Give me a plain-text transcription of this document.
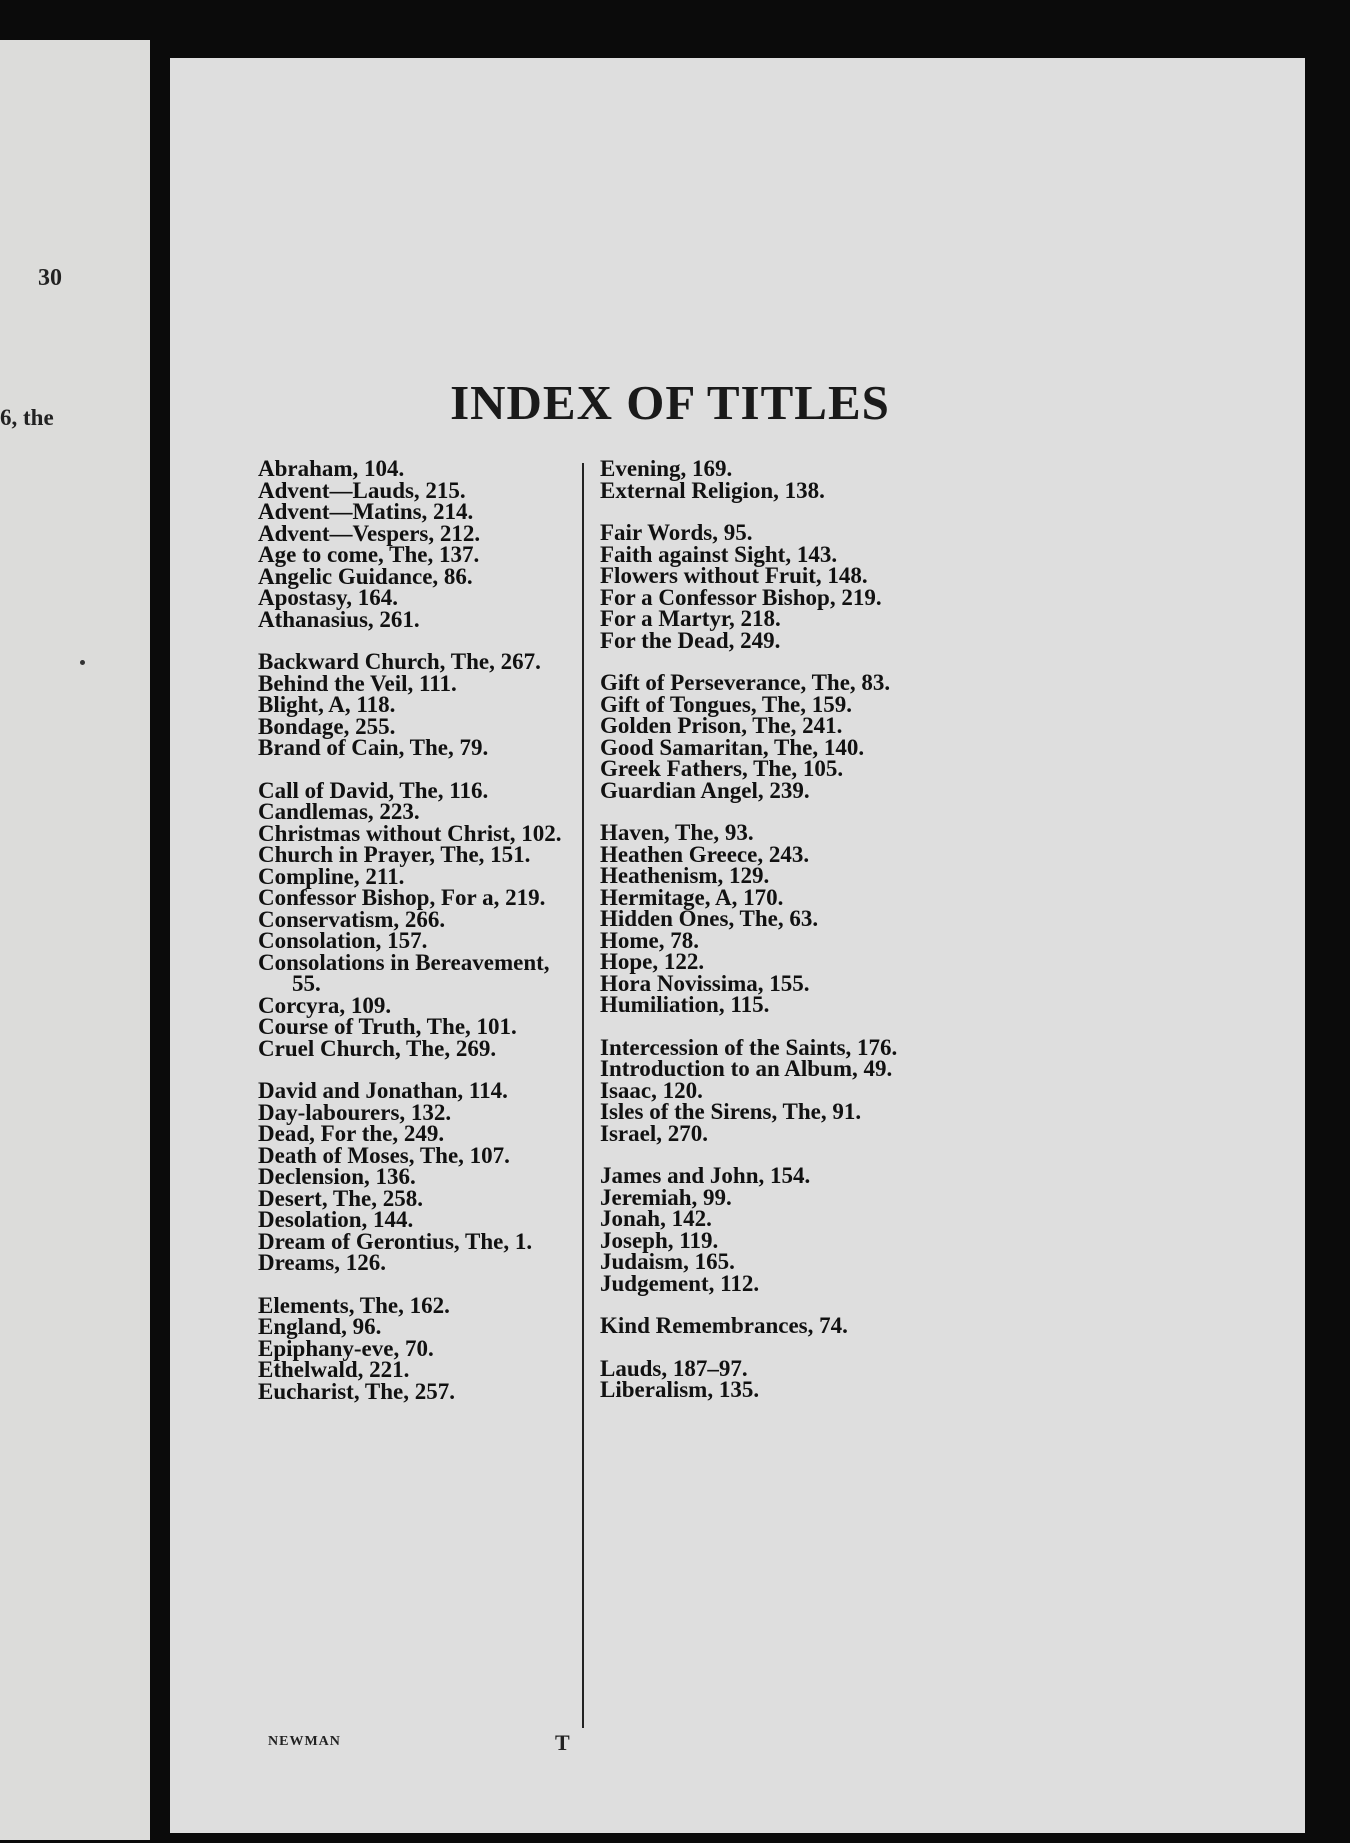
30
6, the	INDEX OF TITLES
Abraham, 104.
Advent—Lauds, 215.
Advent—Matins, 214.
Advent—Vespers, 212.
Age to come, The, 137.
Angelic Guidance, 86.
Apostasy, 164.
Athanasius, 261.
Backward Church, The, 267.
Behind the Veil, 111.
Blight, A, 118.
Bondage, 255.
Brand of Cain, The, 79.
Call of David, The, 116.
Candlemas, 223.
Christmas without Christ, 102.
Church in Prayer, The, 151.
Compline, 211.
Confessor Bishop, For a, 219.
Conservatism, 266.
Consolation, 157.
Consolations in Bereavement,
55.
Corcyra, 109.
Course of Truth, The, 101.
Cruel Church, The, 269.
David and Jonathan, 114.
Day-labourers, 132.
Dead, For the, 249.
Death of Moses, The, 107.
Declension, 136.
Desert, The, 258.
Desolation, 144.
Dream of Gerontius, The, 1.
Dreams, 126.
Elements, The, 162.
England, 96.
Epiphany-eve, 70.
Ethelwald, 221.
Eucharist, The, 257.
Evening, 169.
External Religion, 138.
Fair Words, 95.
Faith against Sight, 143.
Flowers without Fruit, 148.
For a Confessor Bishop, 219.
For a Martyr, 218.
For the Dead, 249.
Gift of Perseverance, The, 83.
Gift of Tongues, The, 159.
Golden Prison, The, 241.
Good Samaritan, The, 140.
Greek Fathers, The, 105.
Guardian Angel, 239.
Haven, The, 93.
Heathen Greece, 243.
Heathenism, 129.
Hermitage, A, 170.
Hidden Ones, The, 63.
Home, 78.
Hope, 122.
Hora Novissima, 155.
Humiliation, 115.
Intercession of the Saints, 176.
Introduction to an Album, 49.
Isaac, 120.
Isles of the Sirens, The, 91.
Israel, 270.
James and John, 154.
Jeremiah, 99.
Jonah, 142.
Joseph, 119.
Judaism, 165.
Judgement, 112.
Kind Remembrances, 74.
Lauds, 187–97.
Liberalism, 135.
NEWMAN	T
